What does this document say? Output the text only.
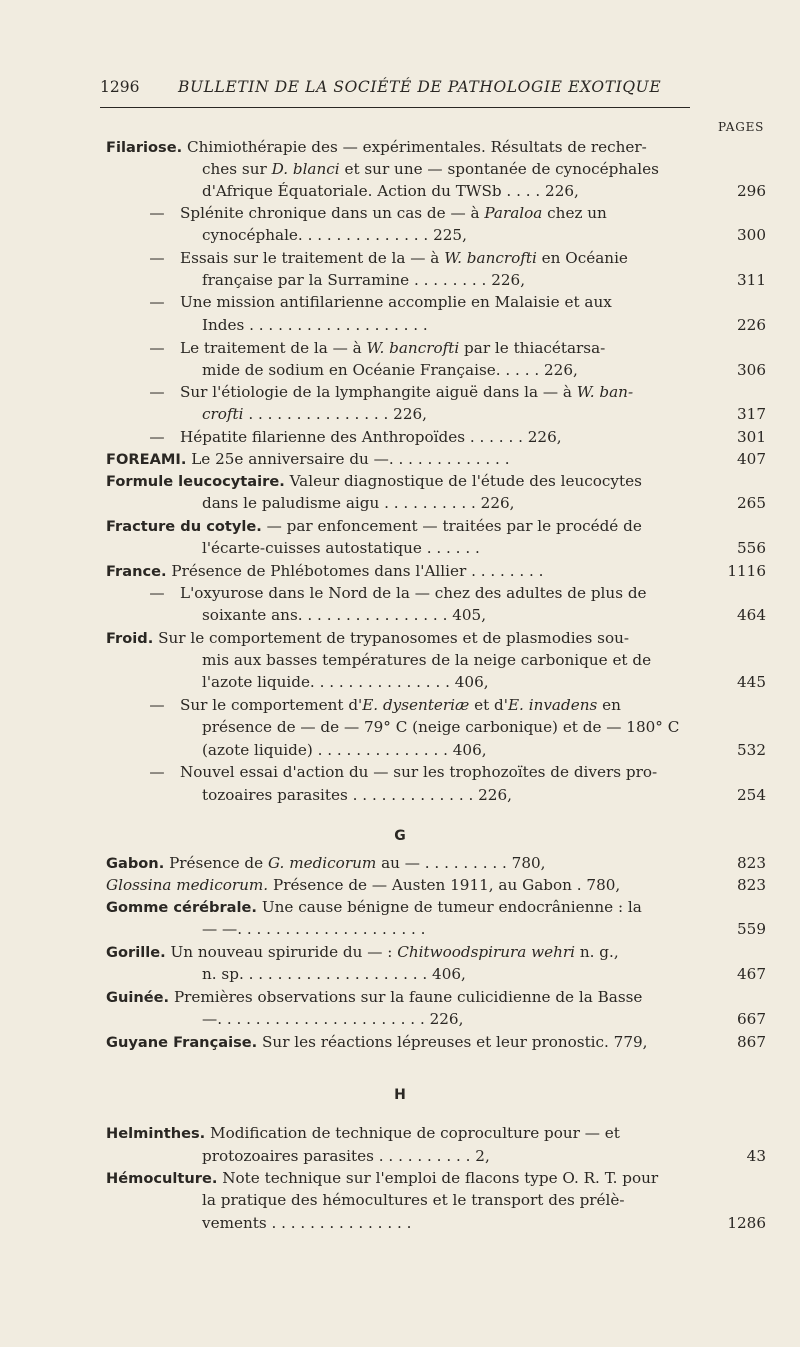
1296 BULLETIN DE LA SOCIÉTÉ DE PATHOLOGIE EXOTIQUE
PAGES
Filariose. Chimiothérapie des — expérimentales. Résultats de recher-
ches sur D. blanci et sur une — spontanée de cynocéphales
d'Afrique Équatoriale. Action du TWSb . . . . 226,	296
— Splénite chronique dans un cas de — à Paraloa chez un
cynocéphale. . . . . . . . . . . . . . 225,	300
— Essais sur le traitement de la — à W. bancrofti en Océanie
française par la Surramine . . . . . . . . 226,	311
— Une mission antifilarienne accomplie en Malaisie et aux
Indes . . . . . . . . . . . . . . . . . . .	226
— Le traitement de la — à W. bancrofti par le thiacétarsa-
mide de sodium en Océanie Française. . . . . 226,	306
— Sur l'étiologie de la lymphangite aiguë dans la — à W. ban-
crofti . . . . . . . . . . . . . . . 226,	317
— Hépatite filarienne des Anthropoïdes . . . . . . 226,	301
FOREAMI. Le 25e anniversaire du —. . . . . . . . . . . . .	407
Formule leucocytaire. Valeur diagnostique de l'étude des leucocytes
dans le paludisme aigu . . . . . . . . . . 226,	265
Fracture du cotyle. — par enfoncement — traitées par le procédé de
l'écarte-cuisses autostatique . . . . . .	556
France. Présence de Phlébotomes dans l'Allier . . . . . . . .	1116
— L'oxyurose dans le Nord de la — chez des adultes de plus de
soixante ans. . . . . . . . . . . . . . . . 405,	464
Froid. Sur le comportement de trypanosomes et de plasmodies sou-
mis aux basses températures de la neige carbonique et de
l'azote liquide. . . . . . . . . . . . . . . 406,	445
— Sur le comportement d'E. dysenteriæ et d'E. invadens en
présence de — de — 79° C (neige carbonique) et de — 180° C
(azote liquide) . . . . . . . . . . . . . . 406,	532
— Nouvel essai d'action du — sur les trophozoïtes de divers pro-
tozoaires parasites . . . . . . . . . . . . . 226,	254
G
Gabon. Présence de G. medicorum au — . . . . . . . . . 780,	823
Glossina medicorum. Présence de — Austen 1911, au Gabon . 780,	823
Gomme cérébrale. Une cause bénigne de tumeur endocrânienne : la
— —. . . . . . . . . . . . . . . . . . . .	559
Gorille. Un nouveau spiruride du — : Chitwoodspirura wehri n. g.,
n. sp. . . . . . . . . . . . . . . . . . . . 406,	467
Guinée. Premières observations sur la faune culicidienne de la Basse
—. . . . . . . . . . . . . . . . . . . . . . 226,	667
Guyane Française. Sur les réactions lépreuses et leur pronostic. 779,	867
H
Helminthes. Modification de technique de coproculture pour — et
protozoaires parasites . . . . . . . . . . 2,	43
Hémoculture. Note technique sur l'emploi de flacons type O. R. T. pour
la pratique des hémocultures et le transport des prélè-
vements . . . . . . . . . . . . . . .	1286
